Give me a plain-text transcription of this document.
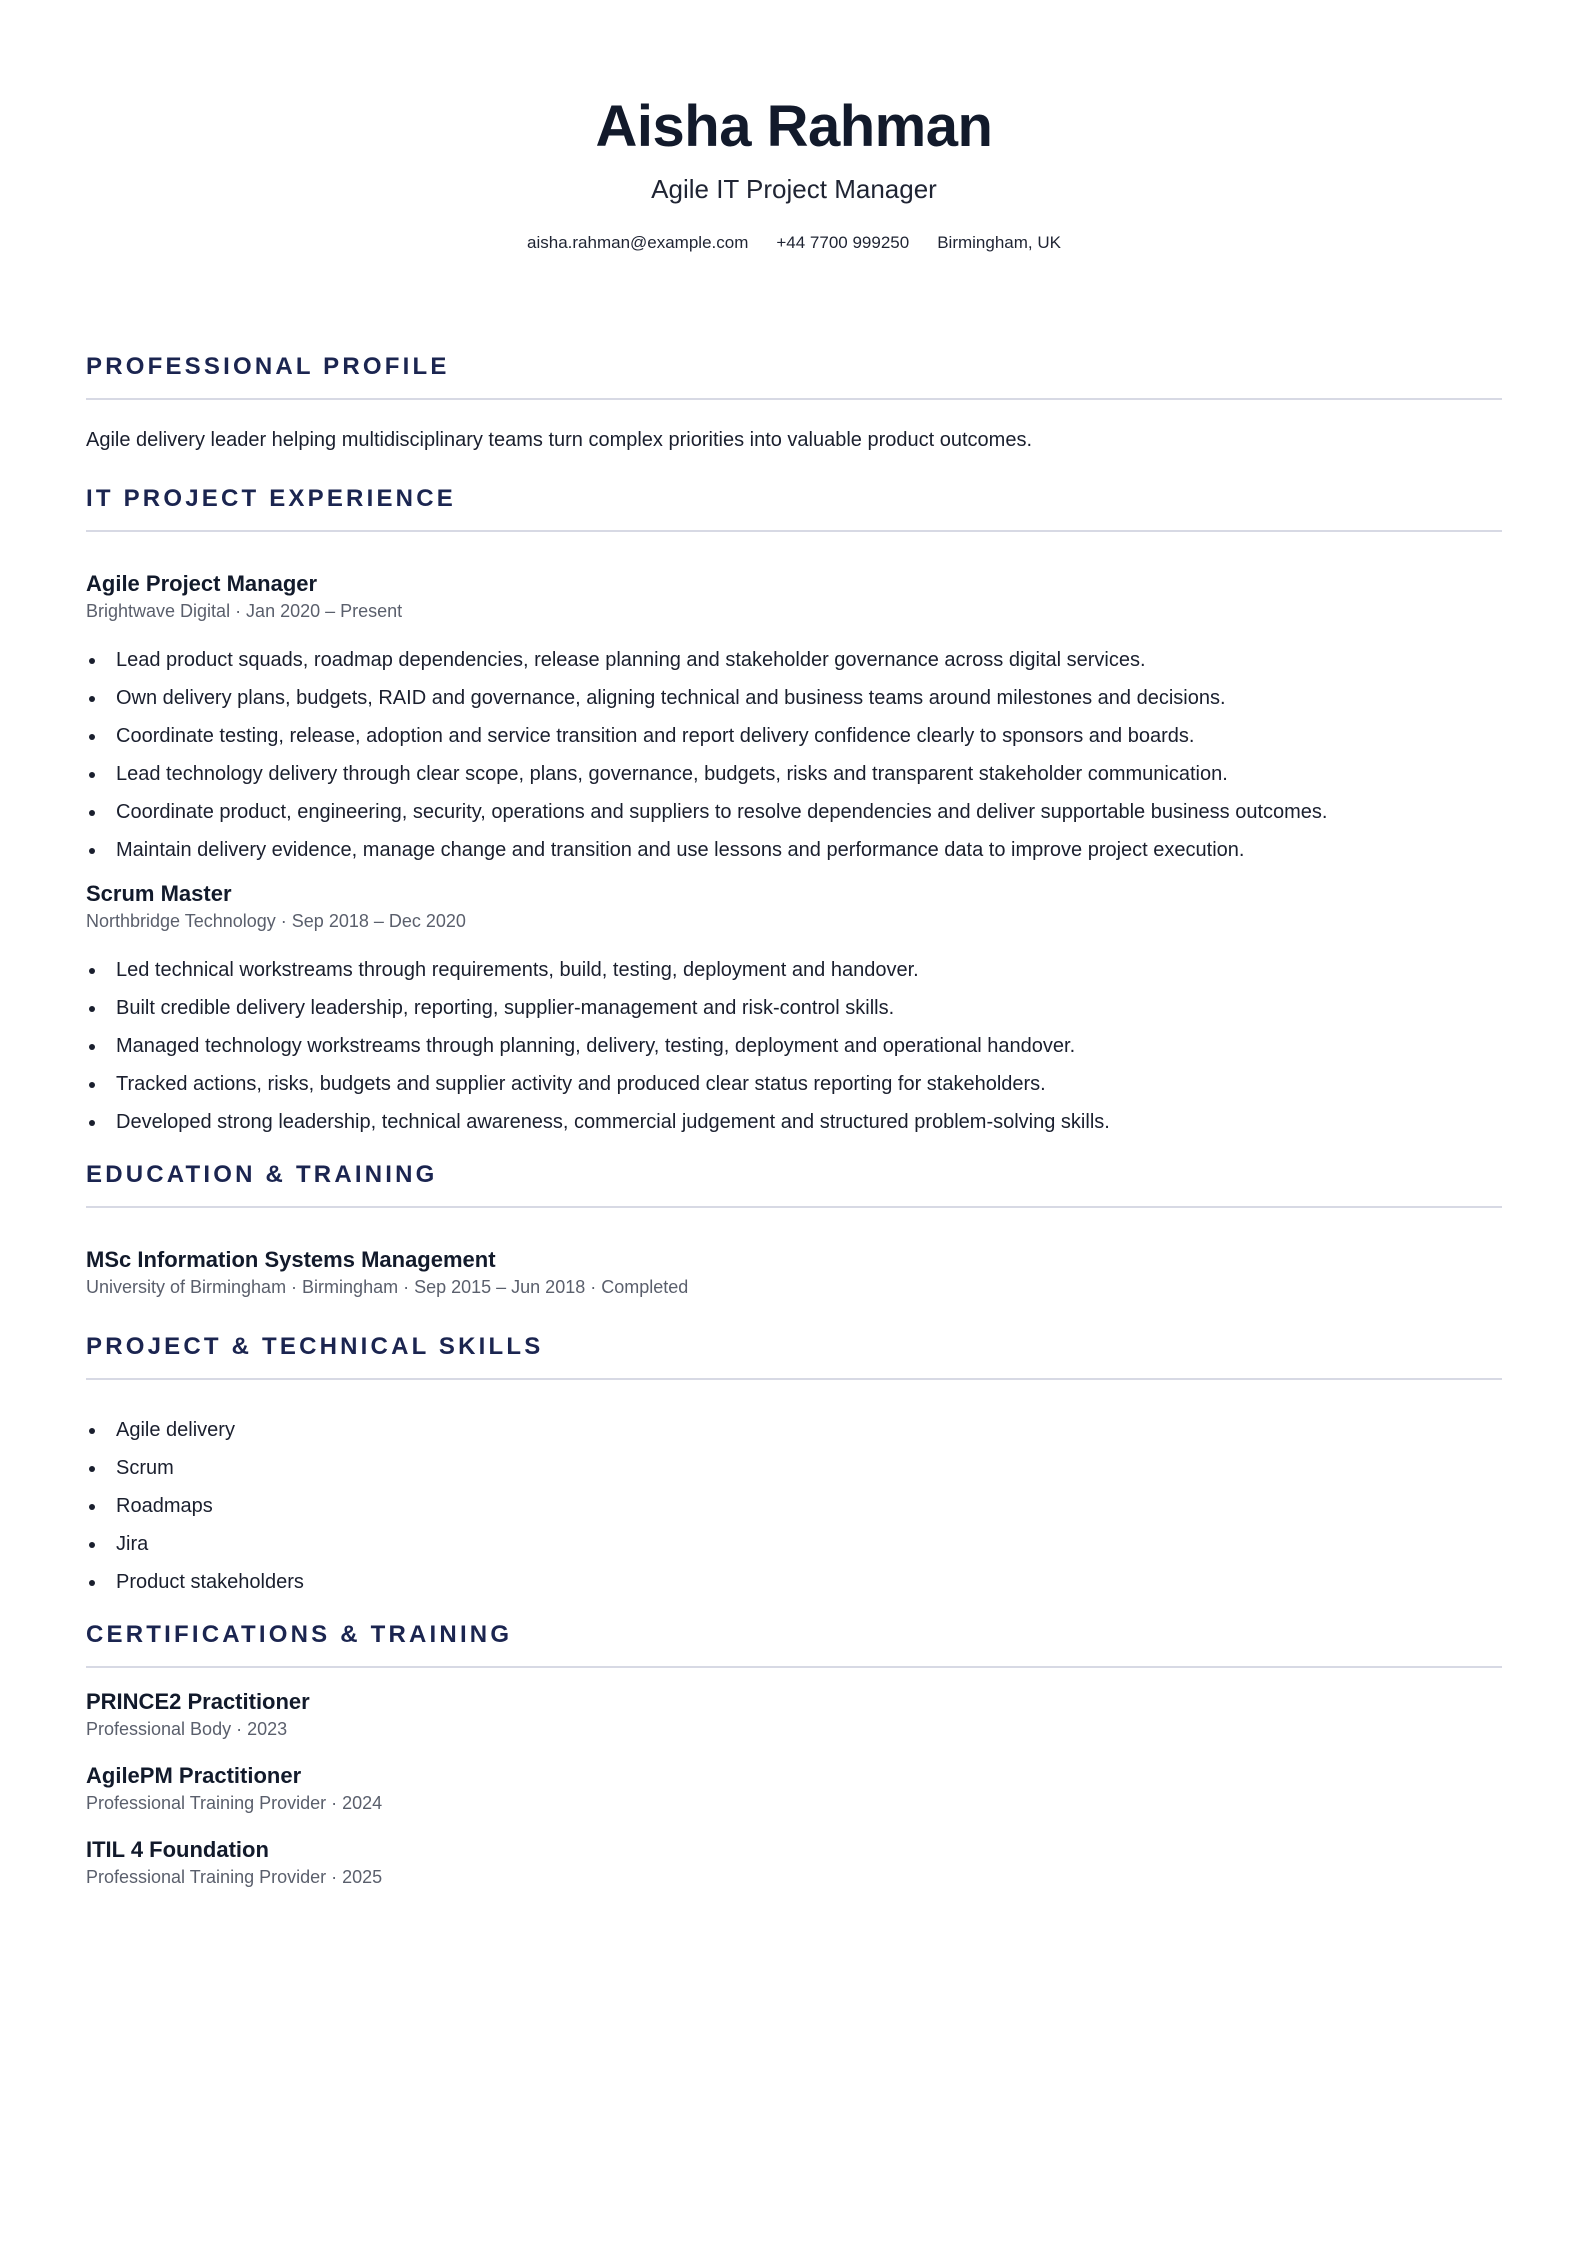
Aisha Rahman
Agile IT Project Manager
aisha.rahman@example.com +44 7700 999250 Birmingham, UK
PROFESSIONAL PROFILE
Agile delivery leader helping multidisciplinary teams turn complex priorities into valuable product outcomes.
IT PROJECT EXPERIENCE
Agile Project Manager
Brightwave Digital · Jan 2020 – Present
Lead product squads, roadmap dependencies, release planning and stakeholder governance across digital services.
Own delivery plans, budgets, RAID and governance, aligning technical and business teams around milestones and decisions.
Coordinate testing, release, adoption and service transition and report delivery confidence clearly to sponsors and boards.
Lead technology delivery through clear scope, plans, governance, budgets, risks and transparent stakeholder communication.
Coordinate product, engineering, security, operations and suppliers to resolve dependencies and deliver supportable business outcomes.
Maintain delivery evidence, manage change and transition and use lessons and performance data to improve project execution.
Scrum Master
Northbridge Technology · Sep 2018 – Dec 2020
Led technical workstreams through requirements, build, testing, deployment and handover.
Built credible delivery leadership, reporting, supplier-management and risk-control skills.
Managed technology workstreams through planning, delivery, testing, deployment and operational handover.
Tracked actions, risks, budgets and supplier activity and produced clear status reporting for stakeholders.
Developed strong leadership, technical awareness, commercial judgement and structured problem-solving skills.
EDUCATION & TRAINING
MSc Information Systems Management
University of Birmingham · Birmingham · Sep 2015 – Jun 2018 · Completed
PROJECT & TECHNICAL SKILLS
Agile delivery
Scrum
Roadmaps
Jira
Product stakeholders
CERTIFICATIONS & TRAINING
PRINCE2 Practitioner
Professional Body · 2023
AgilePM Practitioner
Professional Training Provider · 2024
ITIL 4 Foundation
Professional Training Provider · 2025
